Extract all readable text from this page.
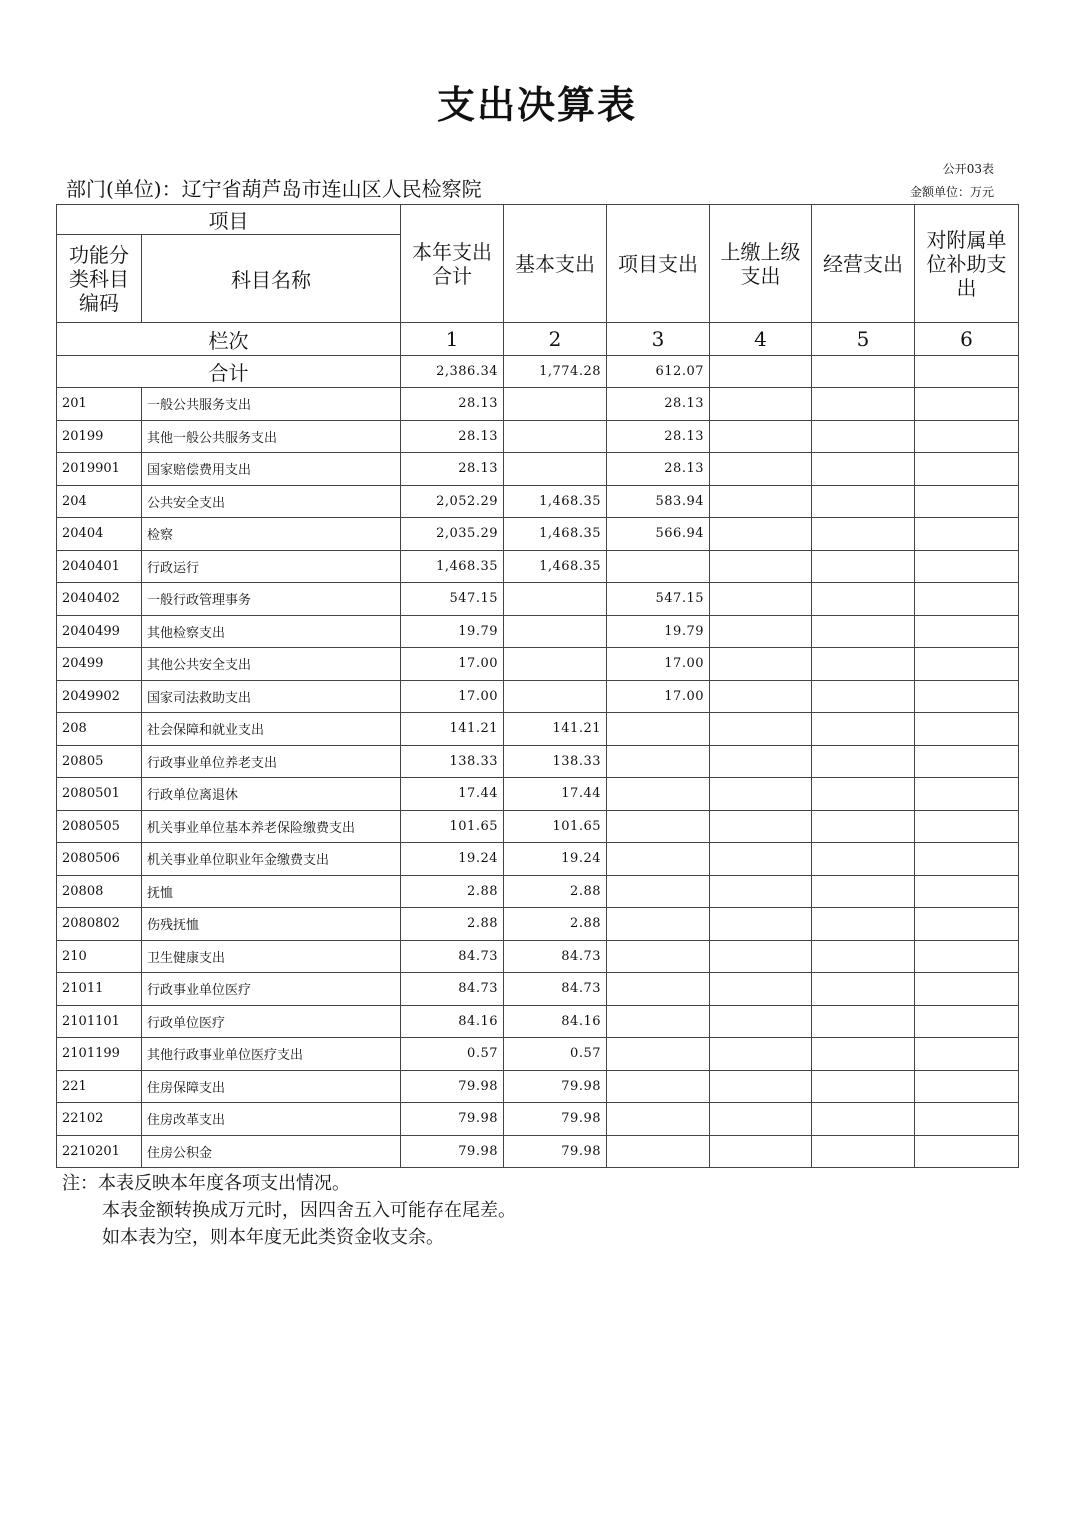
支出决算表
公开03表
金额单位：万元
部门(单位)：辽宁省葫芦岛市连山区人民检察院
项目		本年支出合计	基本支出	项目支出	上缴上级支出	经营支出	对附属单位补助支出
功能分类科目编码	科目名称						
栏次		1	2	3	4	5	6
合计		2,386.34	1,774.28	612.07			
201	一般公共服务支出	28.13		28.13			
20199	其他一般公共服务支出	28.13		28.13			
2019901	国家赔偿费用支出	28.13		28.13			
204	公共安全支出	2,052.29	1,468.35	583.94			
20404	检察	2,035.29	1,468.35	566.94			
2040401	行政运行	1,468.35	1,468.35				
2040402	一般行政管理事务	547.15		547.15			
2040499	其他检察支出	19.79		19.79			
20499	其他公共安全支出	17.00		17.00			
2049902	国家司法救助支出	17.00		17.00			
208	社会保障和就业支出	141.21	141.21				
20805	行政事业单位养老支出	138.33	138.33				
2080501	行政单位离退休	17.44	17.44				
2080505	机关事业单位基本养老保险缴费支出	101.65	101.65				
2080506	机关事业单位职业年金缴费支出	19.24	19.24				
20808	抚恤	2.88	2.88				
2080802	伤残抚恤	2.88	2.88				
210	卫生健康支出	84.73	84.73				
21011	行政事业单位医疗	84.73	84.73				
2101101	行政单位医疗	84.16	84.16				
2101199	其他行政事业单位医疗支出	0.57	0.57				
221	住房保障支出	79.98	79.98				
22102	住房改革支出	79.98	79.98				
2210201	住房公积金	79.98	79.98				
注：本表反映本年度各项支出情况。
本表金额转换成万元时，因四舍五入可能存在尾差。
如本表为空，则本年度无此类资金收支余。
